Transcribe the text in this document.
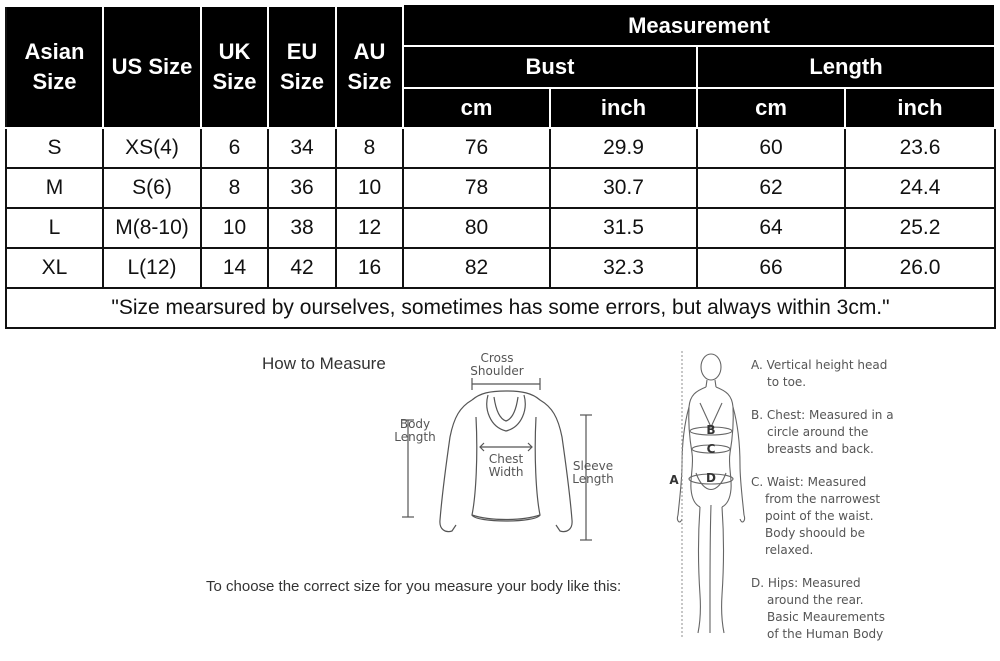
Asian Size	US Size	UK Size	EU Size	AU Size	Measurement			
					Bust		Length	
					cm	inch	cm	inch
S	XS(4)	6	34	8	76	29.9	60	23.6
M	S(6)	8	36	10	78	30.7	62	24.4
L	M(8-10)	10	38	12	80	31.5	64	25.2
XL	L(12)	14	42	16	82	32.3	66	26.0
"Size mearsured by ourselves, sometimes has some errors, but always within 3cm."								
How to Measure
To choose the correct size for you measure your body like this:
Cross
Shoulder
Body
Length
Chest
Width	Sleeve
Length	A
B
C
D
A. Vertical height head
to toe.
B. Chest: Measured in a
circle around the
breasts and back.
C. Waist: Measured
from the narrowest
point of the waist.
Body shoould be
relaxed.
D. Hips: Measured
around the rear.
Basic Meaurements
of the Human Body
